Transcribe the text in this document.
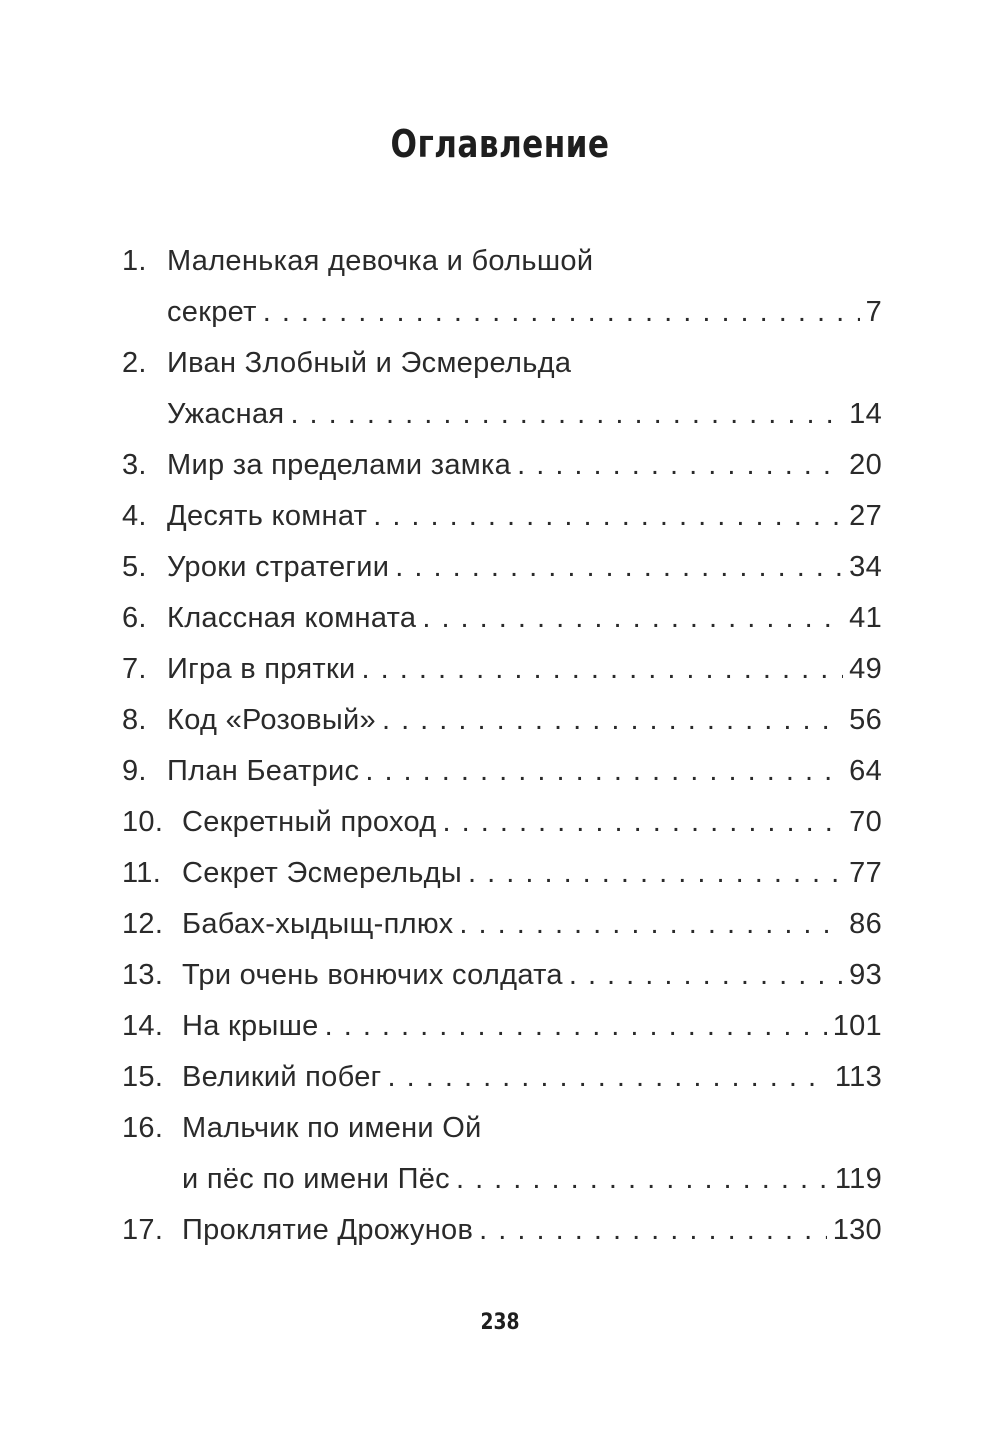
Оглавление
1. Маленькая девочка и большой
секрет . . .	7
2. Иван Злобный и Эсмерельда
Ужасная . . .	14
3. Мир за пределами замка . . .	20
4. Десять комнат . . .	27
5. Уроки стратегии . . .	34
6. Классная комната . . .	41
7. Игра в прятки . . .	49
8. Код «Розовый» . . .	56
9. План Беатрис . . .	64
10. Секретный проход . . .	70
11. Секрет Эсмерельды . . .	77
12. Бабах-хыдыщ-плюх . . .	86
13. Три очень вонючих солдата . . .	93
14. На крыше . . .	101
15. Великий побег . . .	113
16. Мальчик по имени Ой
и пёс по имени Пёс . . .	119
17. Проклятие Дрожунов . . .	130
238
